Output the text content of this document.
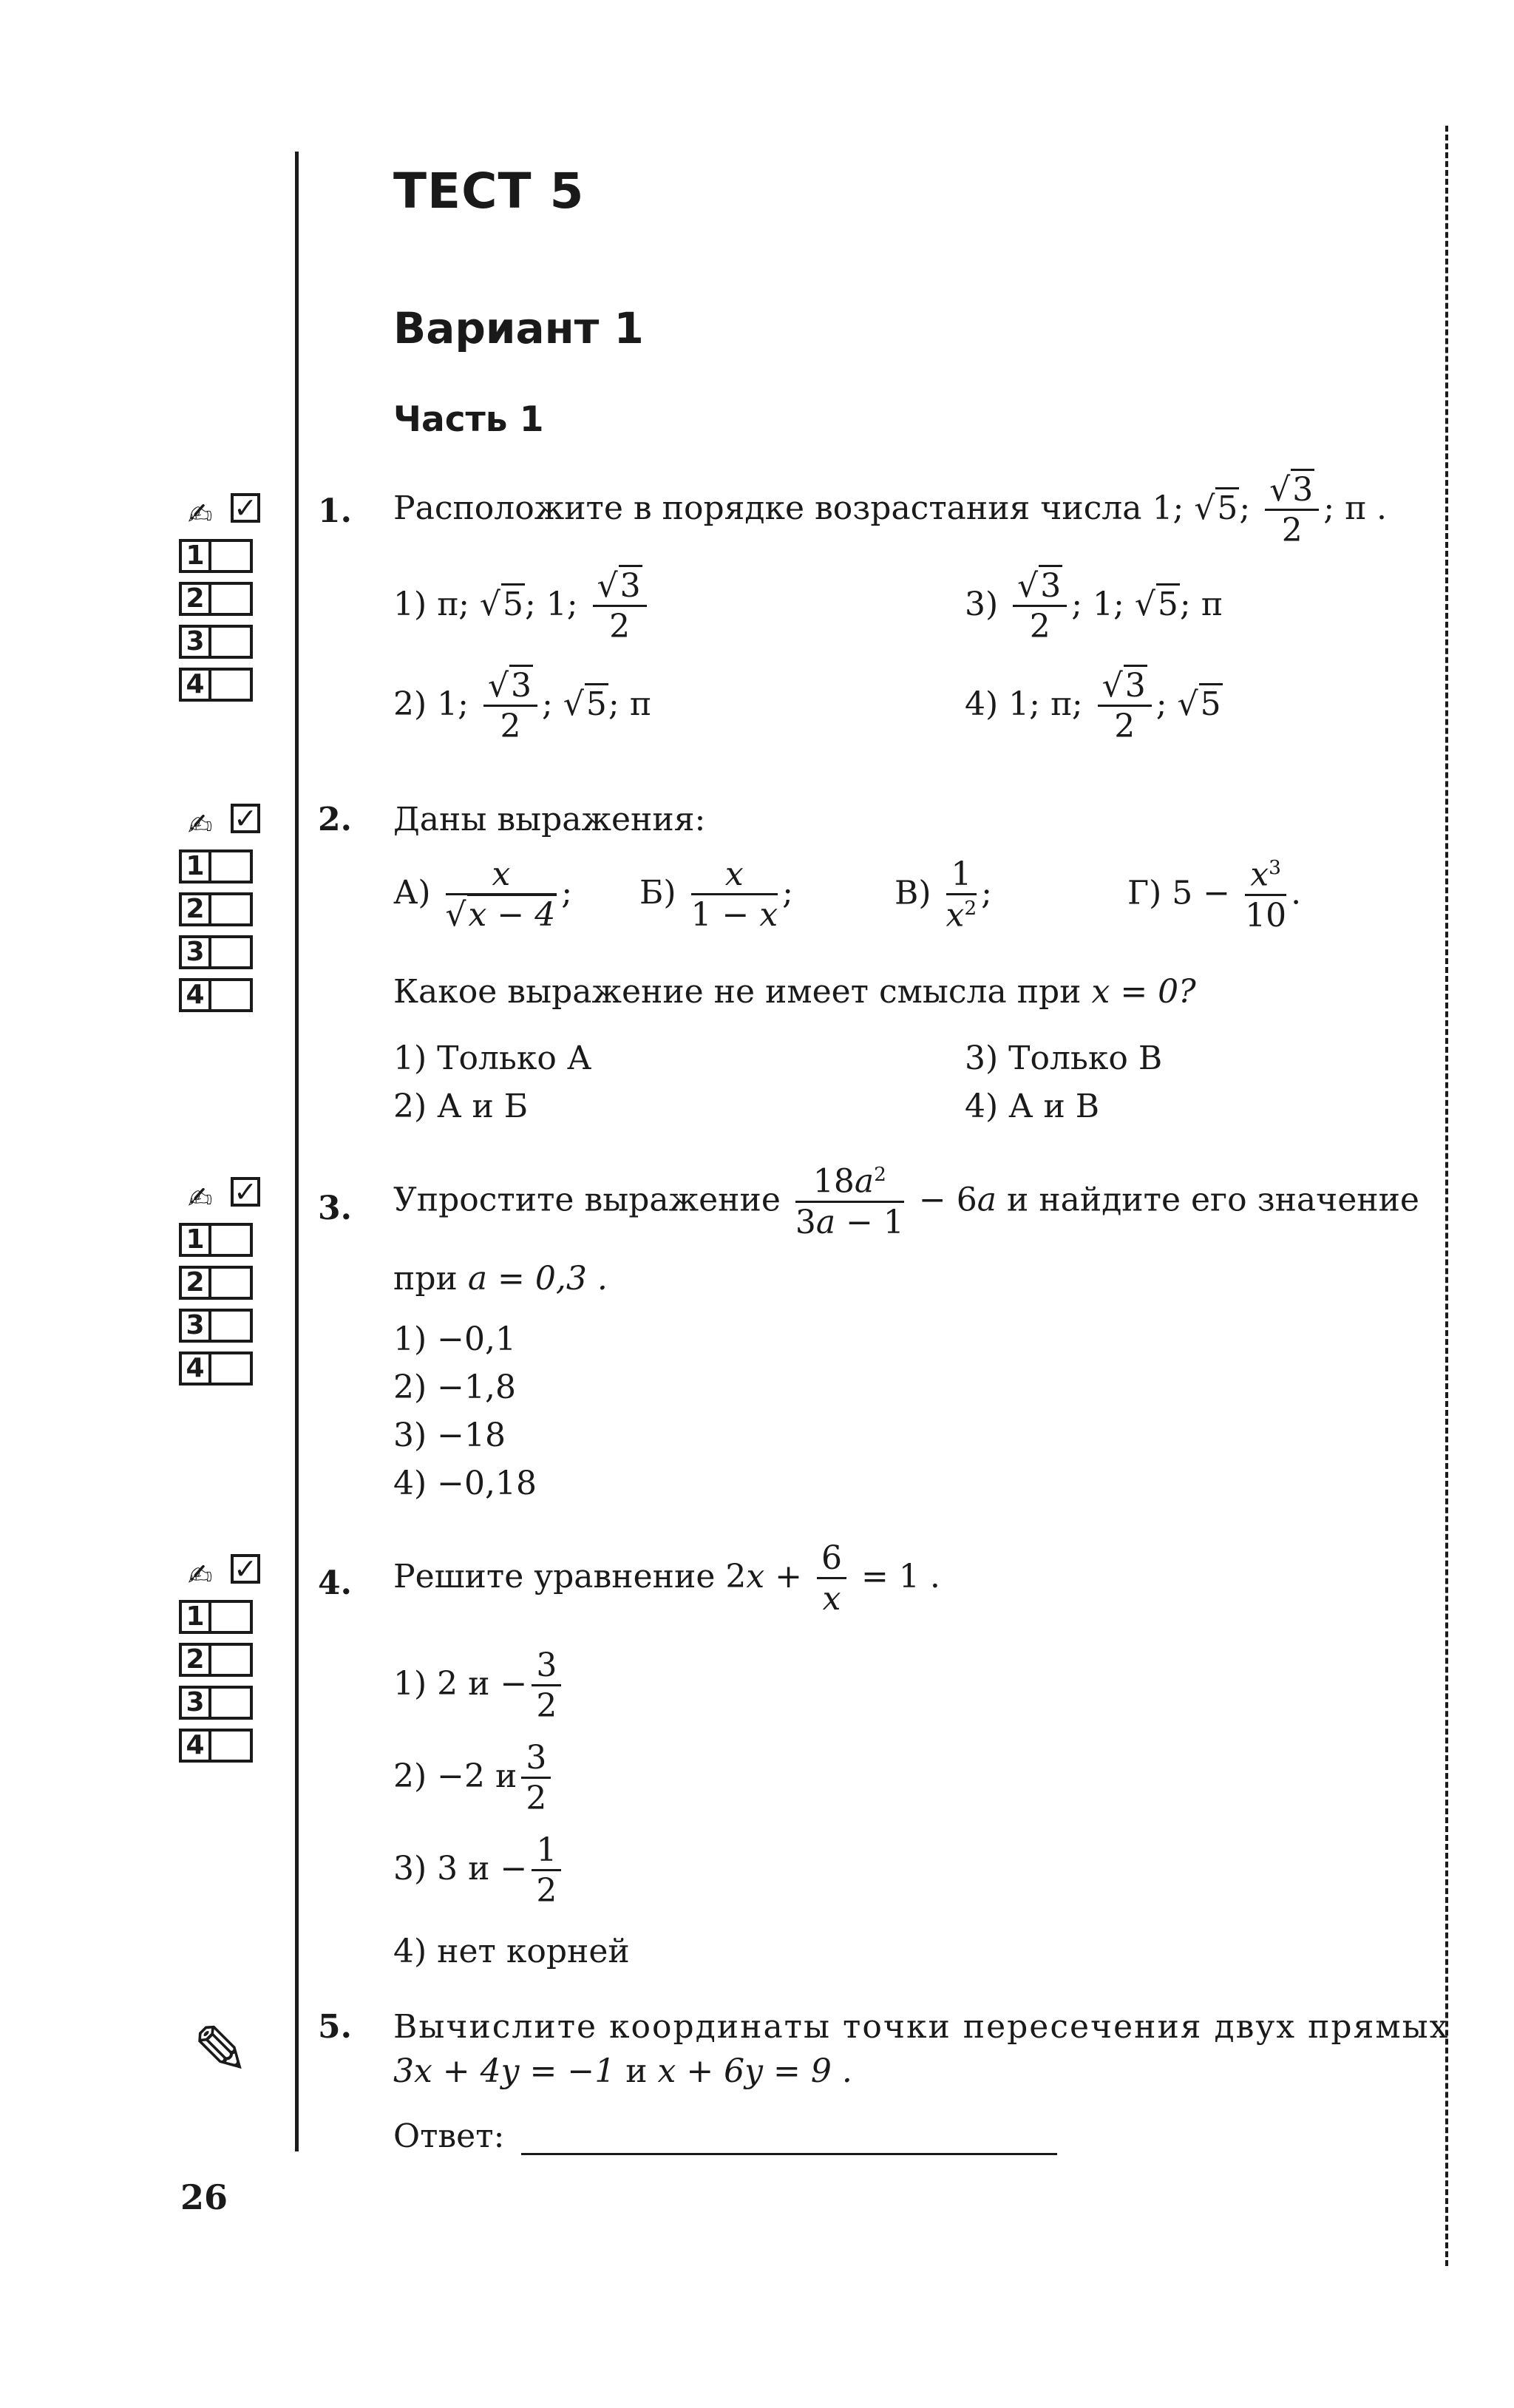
ТЕСТ 5
Вариант 1
Часть 1
✍ ✓
1
2
3
4
✍ ✓
1
2
3
4
✍ ✓
1
2
3
4
✍ ✓
1
2
3
4
✎
1. Расположите в порядке возрастания числа 1; √5; $\frac{√3}{2}$ ; π .
1) π; √5; 1; $\frac{√3}{2}$
2) 1; $\frac{√3}{2}$ ; √5; π
$3) \frac{√3}{2}$ ; 1; √5; π
4) 1; π; $\frac{√3}{2}$ ; √5
2. Даны выражения:
$А) \frac{x}{√x - 4}$ ; $Б) \frac{x}{1 - x}$ ;	$В) \frac{1}{x^2}$ ;	Г) $5 - \frac{x^3}{10}$ .
Какое выражение не имеет смысла при x = 0?
1) Только А
2) А и Б
3) Только В
4) А и В
3. Упростите выражение $\frac{18a^2}{3a - 1} - 6a$ и найдите его значение
при a = 0,3 .
1) −0,1
2) −1,8
3) −18
4) −0,18
4. Решите уравнение $2x + \frac{6}{x} = 1$ .
1) 2 $и - \frac{3}{2}$
2) −2 и $\frac{3}{2}$
3) 3 $и - \frac{1}{2}$
4) нет корней
5. Вычислите координаты точки пересечения двух прямых
3x + 4y = −1 и x + 6y = 9 .
Ответ:
26
